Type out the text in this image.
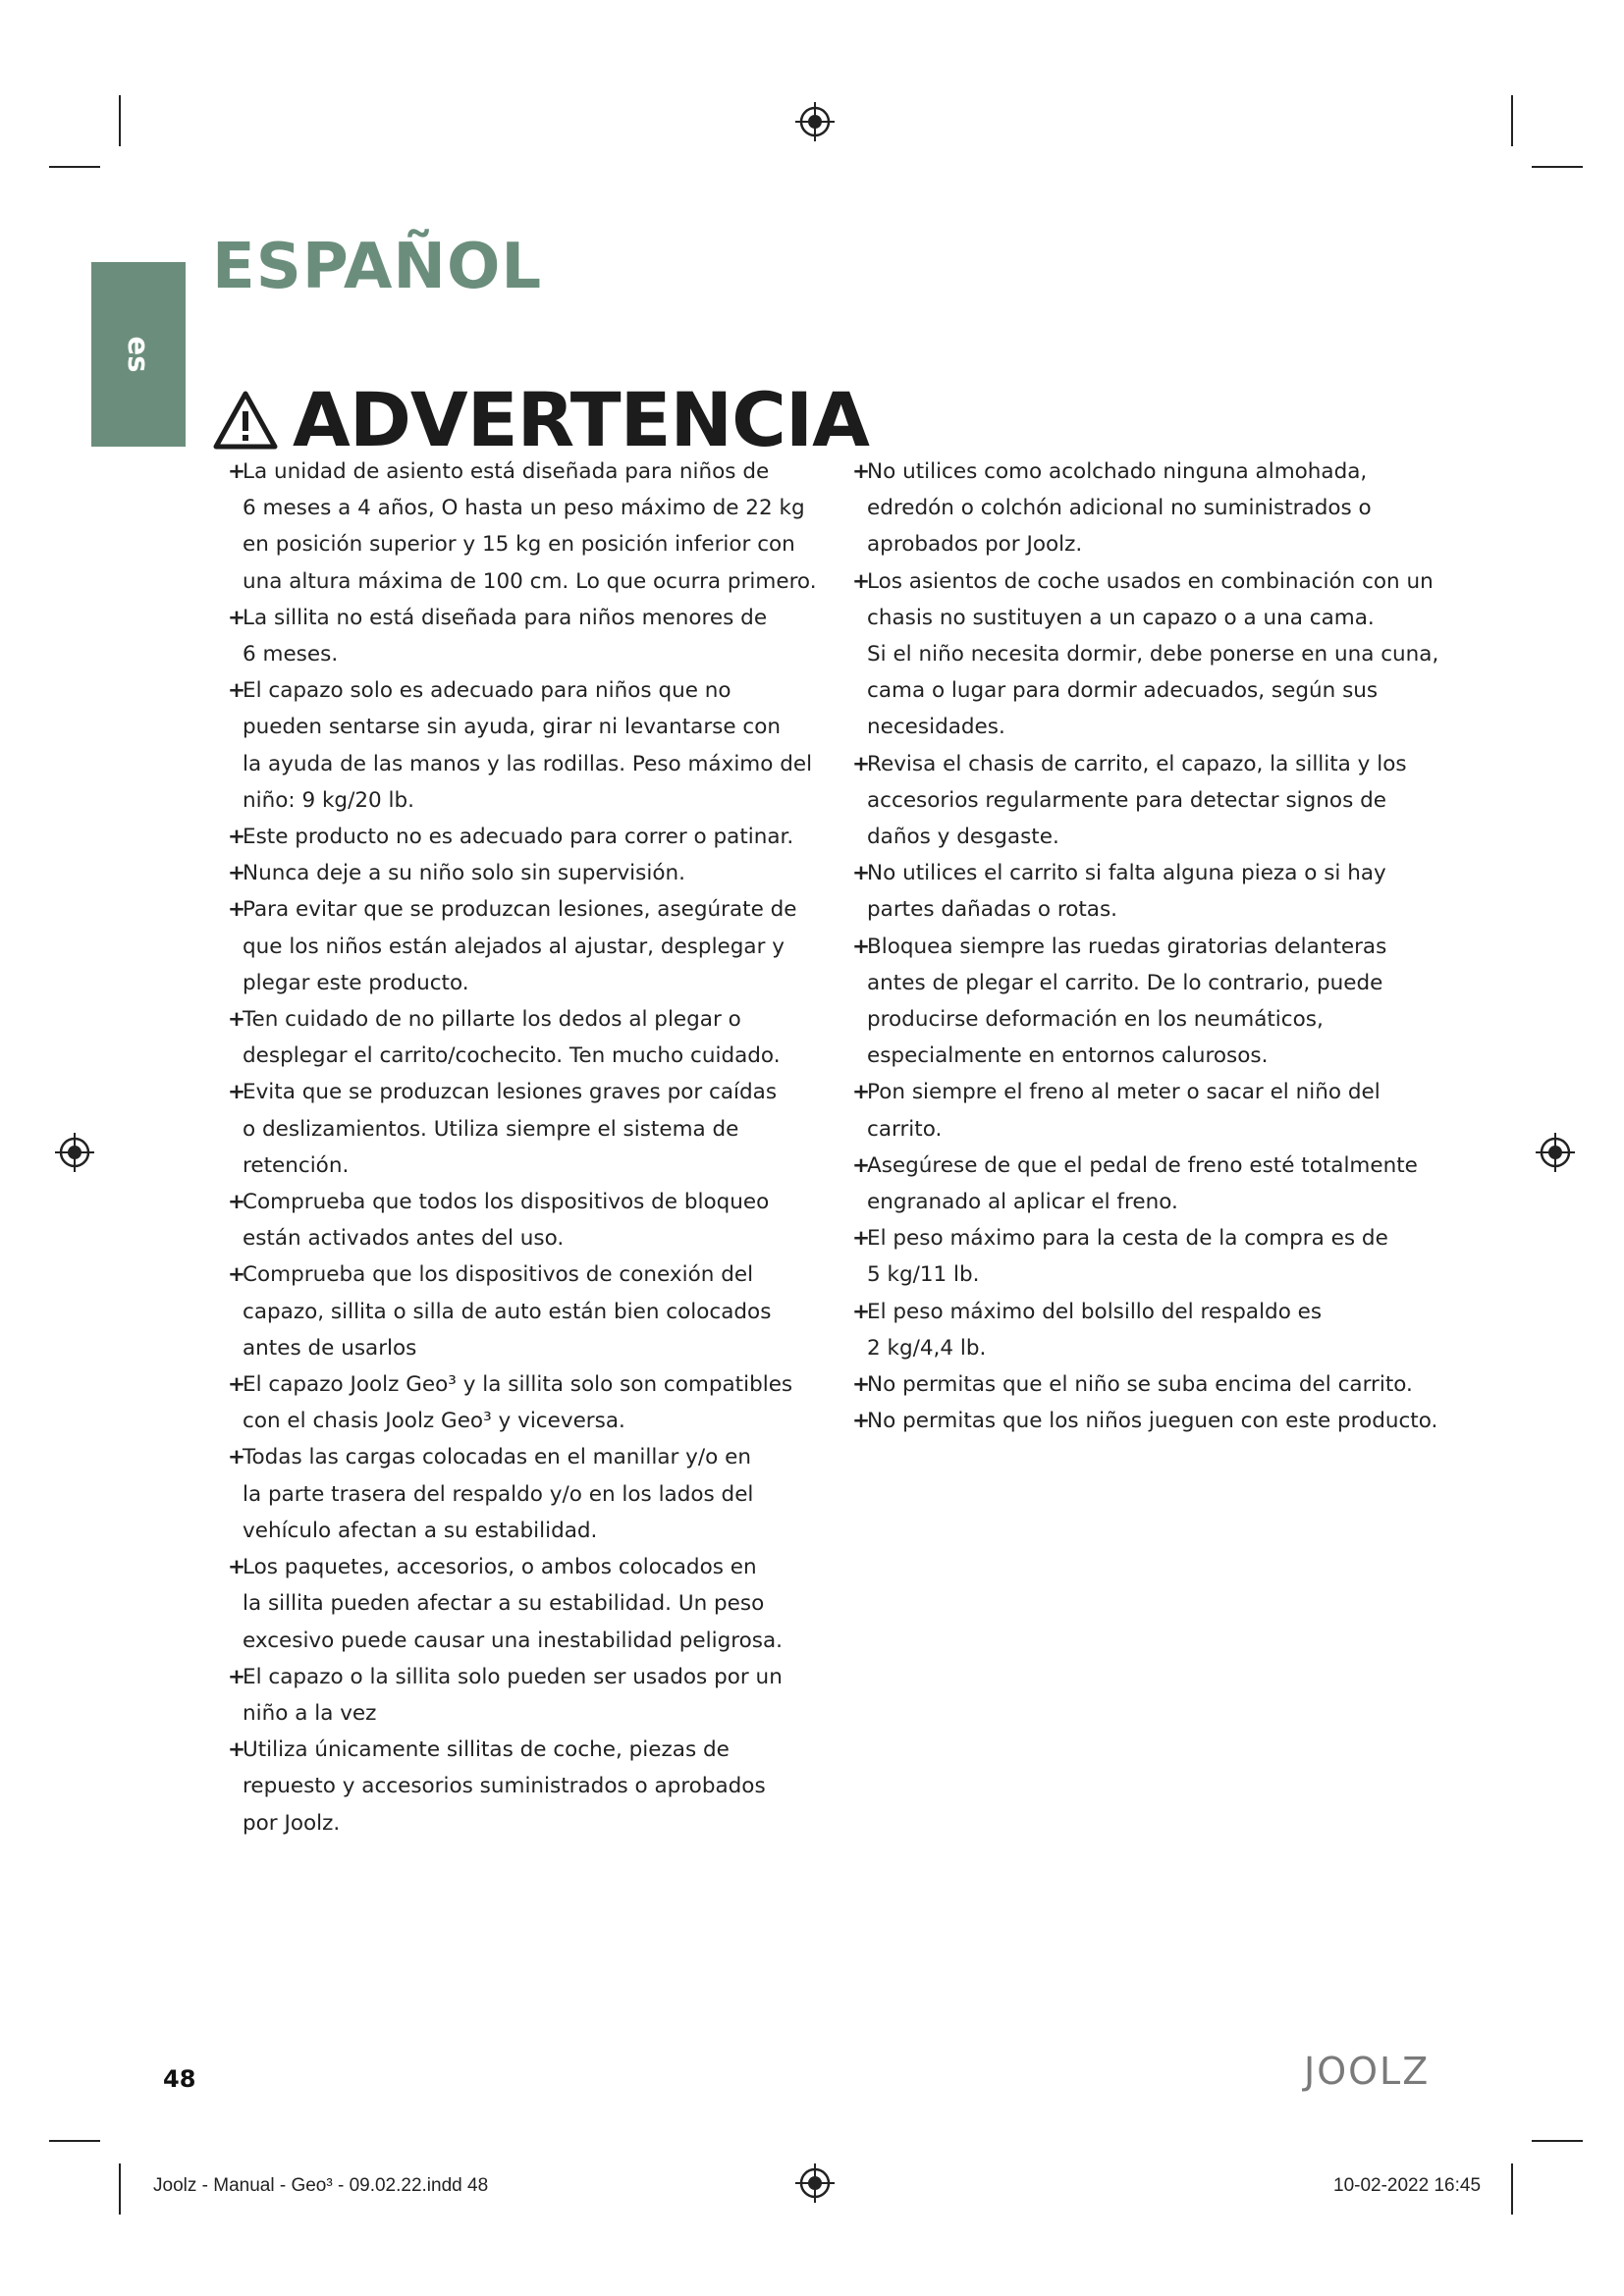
es
ESPAÑOL
ADVERTENCIA
+ La unidad de asiento está diseñada para niños de
6 meses a 4 años, O hasta un peso máximo de 22 kg
en posición superior y 15 kg en posición inferior con
una altura máxima de 100 cm. Lo que ocurra primero.
+ La sillita no está diseñada para niños menores de
6 meses.
+ El capazo solo es adecuado para niños que no
pueden sentarse sin ayuda, girar ni levantarse con
la ayuda de las manos y las rodillas. Peso máximo del
niño: 9 kg/20 lb.
+ Este producto no es adecuado para correr o patinar.
+ Nunca deje a su niño solo sin supervisión.
+ Para evitar que se produzcan lesiones, asegúrate de
que los niños están alejados al ajustar, desplegar y
plegar este producto.
+ Ten cuidado de no pillarte los dedos al plegar o
desplegar el carrito/cochecito. Ten mucho cuidado.
+ Evita que se produzcan lesiones graves por caídas
o deslizamientos. Utiliza siempre el sistema de
retención.
+ Comprueba que todos los dispositivos de bloqueo
están activados antes del uso.
+ Comprueba que los dispositivos de conexión del
capazo, sillita o silla de auto están bien colocados
antes de usarlos
+ El capazo Joolz Geo³ y la sillita solo son compatibles
con el chasis Joolz Geo³ y viceversa.
+ Todas las cargas colocadas en el manillar y/o en
la parte trasera del respaldo y/o en los lados del
vehículo afectan a su estabilidad.
+ Los paquetes, accesorios, o ambos colocados en
la sillita pueden afectar a su estabilidad. Un peso
excesivo puede causar una inestabilidad peligrosa.
+ El capazo o la sillita solo pueden ser usados por un
niño a la vez
+ Utiliza únicamente sillitas de coche, piezas de
repuesto y accesorios suministrados o aprobados
por Joolz.
+ No utilices como acolchado ninguna almohada,
edredón o colchón adicional no suministrados o
aprobados por Joolz.
+ Los asientos de coche usados en combinación con un
chasis no sustituyen a un capazo o a una cama.
Si el niño necesita dormir, debe ponerse en una cuna,
cama o lugar para dormir adecuados, según sus
necesidades.
+ Revisa el chasis de carrito, el capazo, la sillita y los
accesorios regularmente para detectar signos de
daños y desgaste.
+ No utilices el carrito si falta alguna pieza o si hay
partes dañadas o rotas.
+ Bloquea siempre las ruedas giratorias delanteras
antes de plegar el carrito. De lo contrario, puede
producirse deformación en los neumáticos,
especialmente en entornos calurosos.
+ Pon siempre el freno al meter o sacar el niño del
carrito.
+ Asegúrese de que el pedal de freno esté totalmente
engranado al aplicar el freno.
+ El peso máximo para la cesta de la compra es de
5 kg/11 lb.
+ El peso máximo del bolsillo del respaldo es
2 kg/4,4 lb.
+ No permitas que el niño se suba encima del carrito.
+ No permitas que los niños jueguen con este producto.
48	JOOLZ
Joolz - Manual - Geo³ - 09.02.22.indd 48	10-02-2022 16:45
